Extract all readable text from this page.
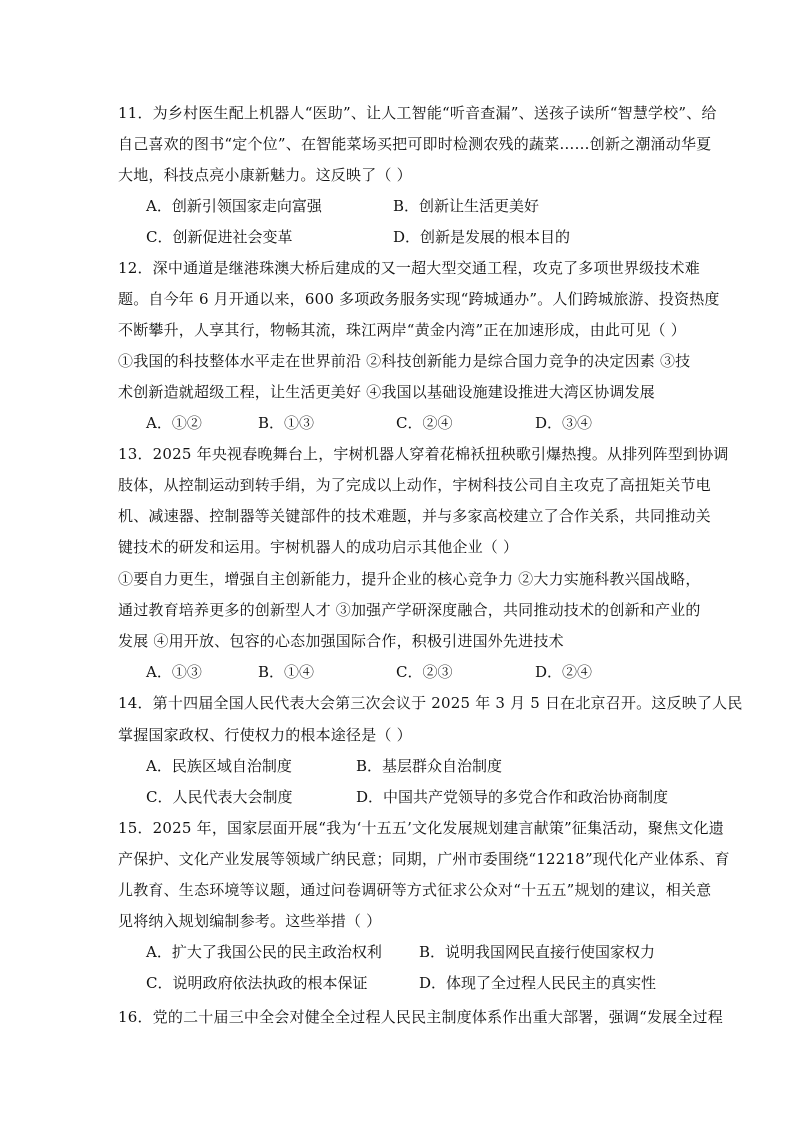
11．为乡村医生配上机器人“医助”、让人工智能“听音查漏”、送孩子读所“智慧学校”、给
自己喜欢的图书“定个位”、在智能菜场买把可即时检测农残的蔬菜……创新之潮涌动华夏
大地，科技点亮小康新魅力。这反映了（ ）
A．创新引领国家走向富强	B．创新让生活更美好
C．创新促进社会变革	D．创新是发展的根本目的
12．深中通道是继港珠澳大桥后建成的又一超大型交通工程，攻克了多项世界级技术难
题。自今年 6 月开通以来，600 多项政务服务实现“跨城通办”。人们跨城旅游、投资热度
不断攀升，人享其行，物畅其流，珠江两岸“黄金内湾”正在加速形成，由此可见（ ）
①我国的科技整体水平走在世界前沿 ②科技创新能力是综合国力竞争的决定因素 ③技
术创新造就超级工程，让生活更美好 ④我国以基础设施建设推进大湾区协调发展
A．①②	B．①③	C．②④	D．③④
13．2025 年央视春晚舞台上，宇树机器人穿着花棉袄扭秧歌引爆热搜。从排列阵型到协调
肢体，从控制运动到转手绢，为了完成以上动作，宇树科技公司自主攻克了高扭矩关节电
机、减速器、控制器等关键部件的技术难题，并与多家高校建立了合作关系，共同推动关
键技术的研发和运用。宇树机器人的成功启示其他企业（ ）
①要自力更生，增强自主创新能力，提升企业的核心竞争力 ②大力实施科教兴国战略，
通过教育培养更多的创新型人才 ③加强产学研深度融合，共同推动技术的创新和产业的
发展 ④用开放、包容的心态加强国际合作，积极引进国外先进技术
A．①③	B．①④	C．②③	D．②④
14．第十四届全国人民代表大会第三次会议于 2025 年 3 月 5 日在北京召开。这反映了人民
掌握国家政权、行使权力的根本途径是（ ）
A．民族区域自治制度	B．基层群众自治制度
C．人民代表大会制度	D．中国共产党领导的多党合作和政治协商制度
15．2025 年，国家层面开展“我为‘十五五’文化发展规划建言献策”征集活动，聚焦文化遗
产保护、文化产业发展等领域广纳民意；同期，广州市委围绕“12218”现代化产业体系、育
儿教育、生态环境等议题，通过问卷调研等方式征求公众对“十五五”规划的建议，相关意
见将纳入规划编制参考。这些举措（ ）
A．扩大了我国公民的民主政治权利 B．说明我国网民直接行使国家权力
C．说明政府依法执政的根本保证	D．体现了全过程人民民主的真实性
16．党的二十届三中全会对健全全过程人民民主制度体系作出重大部署，强调“发展全过程
